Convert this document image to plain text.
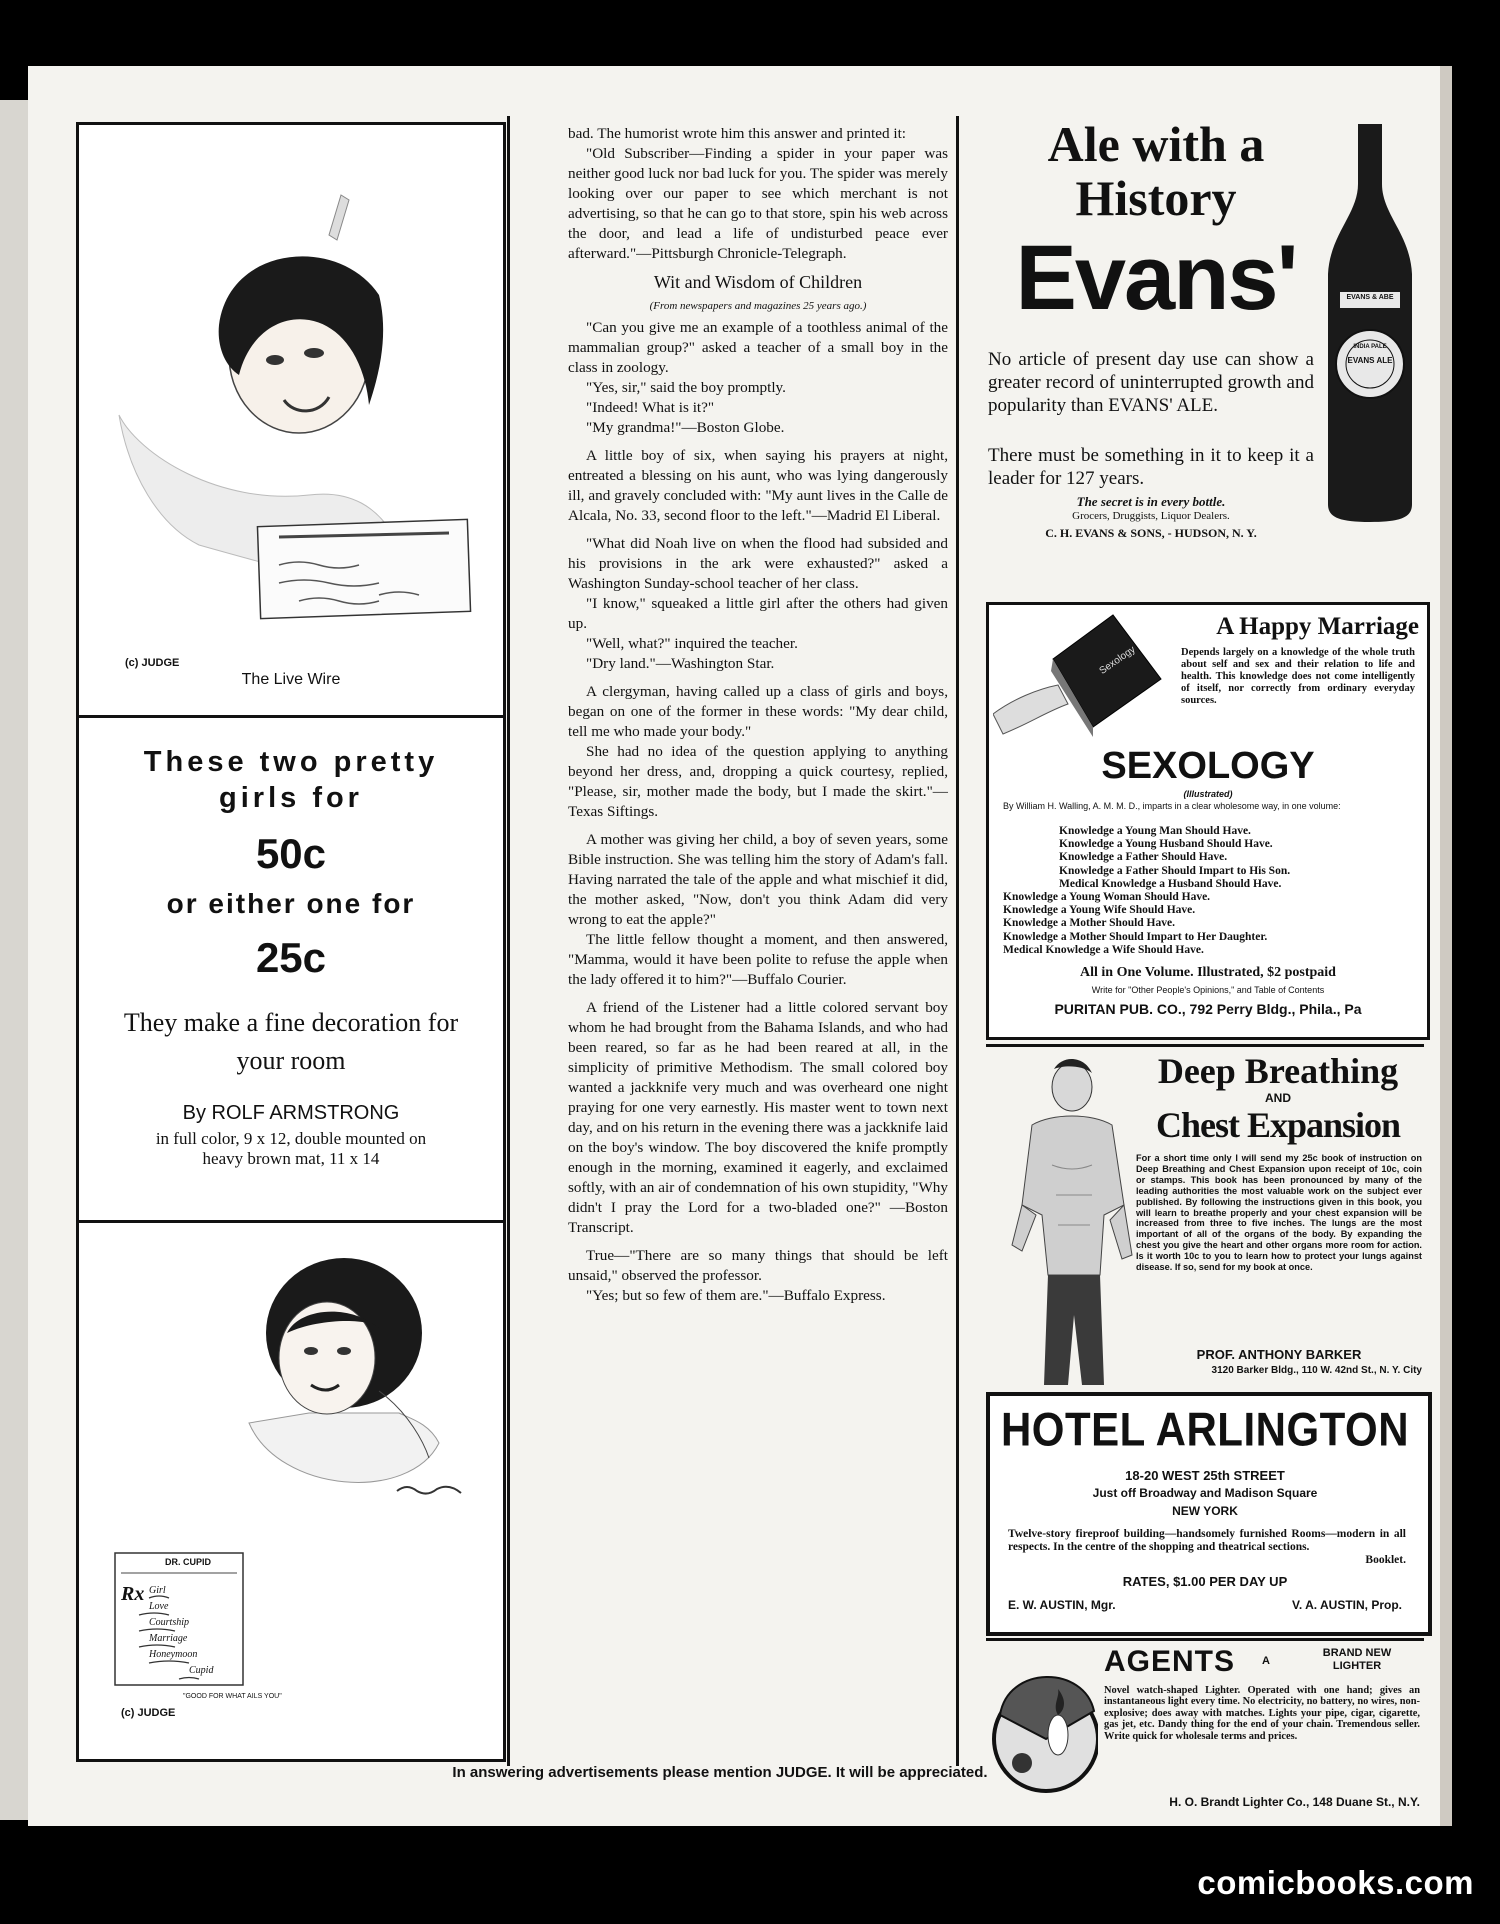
(c) JUDGE
The Live Wire
These two pretty girls for
50c
or either one for
25c
They make a fine decoration for your room
By ROLF ARMSTRONG
in full color, 9 x 12, double mounted on heavy brown mat, 11 x 14
DR. CUPID
Rx Girl
Love
Courtship
Marriage
Honeymoon
Cupid
"GOOD FOR WHAT AILS YOU"
(c) JUDGE

bad. The humorist wrote him this answer and printed it:

"Old Subscriber—Finding a spider in your paper was neither good luck nor bad luck for you. The spider was merely looking over our paper to see which merchant is not advertising, so that he can go to that store, spin his web across the door, and lead a life of undisturbed peace ever afterward."—Pittsburgh Chronicle-Telegraph.

Wit and Wisdom of Children
(From newspapers and magazines 25 years ago.)

"Can you give me an example of a toothless animal of the mammalian group?" asked a teacher of a small boy in the class in zoology.

"Yes, sir," said the boy promptly.

"Indeed! What is it?"

"My grandma!"—Boston Globe.

A little boy of six, when saying his prayers at night, entreated a blessing on his aunt, who was lying dangerously ill, and gravely concluded with: "My aunt lives in the Calle de Alcala, No. 33, second floor to the left."—Madrid El Liberal.

"What did Noah live on when the flood had subsided and his provisions in the ark were exhausted?" asked a Washington Sunday-school teacher of her class.

"I know," squeaked a little girl after the others had given up.

"Well, what?" inquired the teacher.

"Dry land."—Washington Star.

A clergyman, having called up a class of girls and boys, began on one of the former in these words: "My dear child, tell me who made your body."

She had no idea of the question applying to anything beyond her dress, and, dropping a quick courtesy, replied, "Please, sir, mother made the body, but I made the skirt."—Texas Siftings.

A mother was giving her child, a boy of seven years, some Bible instruction. She was telling him the story of Adam's fall. Having narrated the tale of the apple and what mischief it did, the mother asked, "Now, don't you think Adam did very wrong to eat the apple?"

The little fellow thought a moment, and then answered, "Mamma, would it have been polite to refuse the apple when the lady offered it to him?"—Buffalo Courier.

A friend of the Listener had a little colored servant boy whom he had brought from the Bahama Islands, and who had been reared, so far as he had been reared at all, in the simplicity of primitive Methodism. The small colored boy wanted a jackknife very much and was overheard one night praying for one very earnestly. His master went to town next day, and on his return in the evening there was a jackknife laid on the boy's window. The boy discovered the knife promptly enough in the morning, examined it eagerly, and exclaimed softly, with an air of condemnation of his own stupidity, "Why didn't I pray the Lord for a two-bladed one?" —Boston Transcript.

True—"There are so many things that should be left unsaid," observed the professor.

"Yes; but so few of them are."—Buffalo Express.

Ale with a
History
Evans'
No article of present day use can show a greater record of uninterrupted growth and popularity than EVANS' ALE.
There must be something in it to keep it a leader for 127 years.
The secret is in every bottle.
Grocers, Druggists, Liquor Dealers.
C. H. EVANS & SONS, - HUDSON, N. Y.
EVANS & ABE
INDIA PALE
EVANS ALE
Sexology
A Happy Marriage
Depends largely on a knowledge of the whole truth about self and sex and their relation to life and health. This knowledge does not come intelligently of itself, nor correctly from ordinary everyday sources.
SEXOLOGY
(Illustrated)
By William H. Walling, A. M. M. D., imparts in a clear wholesome way, in one volume:
Knowledge a Young Man Should Have.
Knowledge a Young Husband Should Have.
Knowledge a Father Should Have.
Knowledge a Father Should Impart to His Son.
Medical Knowledge a Husband Should Have.
Knowledge a Young Woman Should Have.
Knowledge a Young Wife Should Have.
Knowledge a Mother Should Have.
Knowledge a Mother Should Impart to Her Daughter.
Medical Knowledge a Wife Should Have.
All in One Volume. Illustrated, $2 postpaid
Write for "Other People's Opinions," and Table of Contents
PURITAN PUB. CO., 792 Perry Bldg., Phila., Pa
Deep Breathing
AND
Chest Expansion
For a short time only I will send my 25c book of instruction on Deep Breathing and Chest Expansion upon receipt of 10c, coin or stamps. This book has been pronounced by many of the leading authorities the most valuable work on the subject ever published. By following the instructions given in this book, you will learn to breathe properly and your chest expansion will be increased from three to five inches. The lungs are the most important of all of the organs of the body. By expanding the chest you give the heart and other organs more room for action. Is it worth 10c to you to learn how to protect your lungs against disease. If so, send for my book at once.
PROF. ANTHONY BARKER
3120 Barker Bldg., 110 W. 42nd St., N. Y. City
HOTEL ARLINGTON
18-20 WEST 25th STREET
Just off Broadway and Madison Square
NEW YORK
Twelve-story fireproof building—handsomely furnished Rooms—modern in all respects. In the centre of the shopping and theatrical sections.
Booklet.
RATES, $1.00 PER DAY UP
E. W. AUSTIN, Mgr.	V. A. AUSTIN, Prop.
AGENTS A
BRAND NEW LIGHTER
Novel watch-shaped Lighter. Operated with one hand; gives an instantaneous light every time. No electricity, no battery, no wires, non-explosive; does away with matches. Lights your pipe, cigar, cigarette, gas jet, etc. Dandy thing for the end of your chain. Tremendous seller. Write quick for wholesale terms and prices.
H. O. Brandt Lighter Co., 148 Duane St., N.Y.
In answering advertisements please mention JUDGE. It will be appreciated.
comicbooks.com
